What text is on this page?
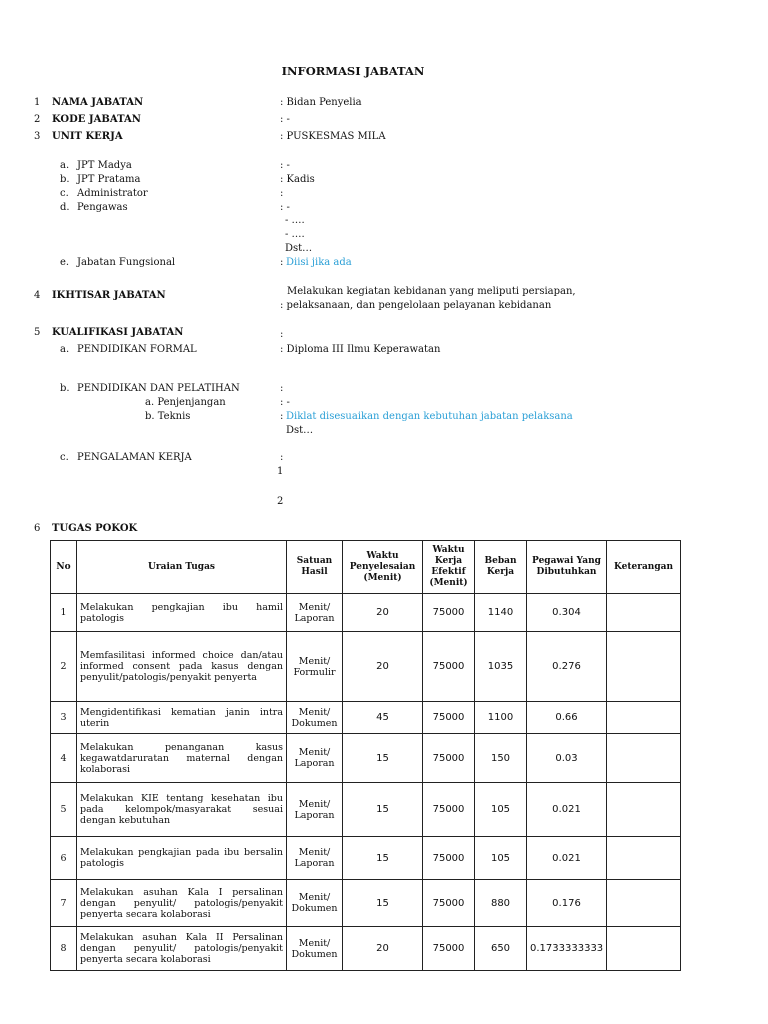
INFORMASI JABATAN
1 NAMA JABATAN	: Bidan Penyelia
2 KODE JABATAN	: -
3 UNIT KERJA	: PUSKESMAS MILA
a. JPT Madya	: -
b. JPT Pratama	: Kadis
c. Administrator	:
d. Pengawas	: -
- ….
- ….
Dst…
e. Jabatan Fungsional	: Diisi jika ada
4 IKHTISAR JABATAN	Melakukan kegiatan kebidanan yang meliputi persiapan,
: pelaksanaan, dan pengelolaan pelayanan kebidanan
5 KUALIFIKASI JABATAN	:
a. PENDIDIKAN FORMAL	: Diploma III Ilmu Keperawatan
b. PENDIDIKAN DAN PELATIHAN	:
a. Penjenjangan	: -
b. Teknis	: Diklat disesuaikan dengan kebutuhan jabatan pelaksana
Dst…
c. PENGALAMAN KERJA	:
1
2
6 TUGAS POKOK
No	Uraian Tugas	Satuan Hasil	Waktu Penyelesaian (Menit)	Waktu Kerja Efektif (Menit)	Beban Kerja	Pegawai Yang Dibutuhkan	Keterangan
1	Melakukan pengkajian ibu hamil patologis	Menit/ Laporan	20	75000	1140	0.304	
2	Memfasilitasi informed choice dan/atau informed consent pada kasus dengan penyulit/patologis/penyakit penyerta	Menit/ Formulir	20	75000	1035	0.276	
3	Mengidentifikasi kematian janin intra uterin	Menit/ Dokumen	45	75000	1100	0.66	
4	Melakukan penanganan kasus kegawatdaruratan maternal dengan kolaborasi	Menit/ Laporan	15	75000	150	0.03	
5	Melakukan KIE tentang kesehatan ibu pada kelompok/masyarakat sesuai dengan kebutuhan	Menit/ Laporan	15	75000	105	0.021	
6	Melakukan pengkajian pada ibu bersalin patologis	Menit/ Laporan	15	75000	105	0.021	
7	Melakukan asuhan Kala I persalinan dengan penyulit/ patologis/penyakit penyerta secara kolaborasi	Menit/ Dokumen	15	75000	880	0.176	
8	Melakukan asuhan Kala II Persalinan dengan penyulit/ patologis/penyakit penyerta secara kolaborasi	Menit/ Dokumen	20	75000	650	0.1733333333	
